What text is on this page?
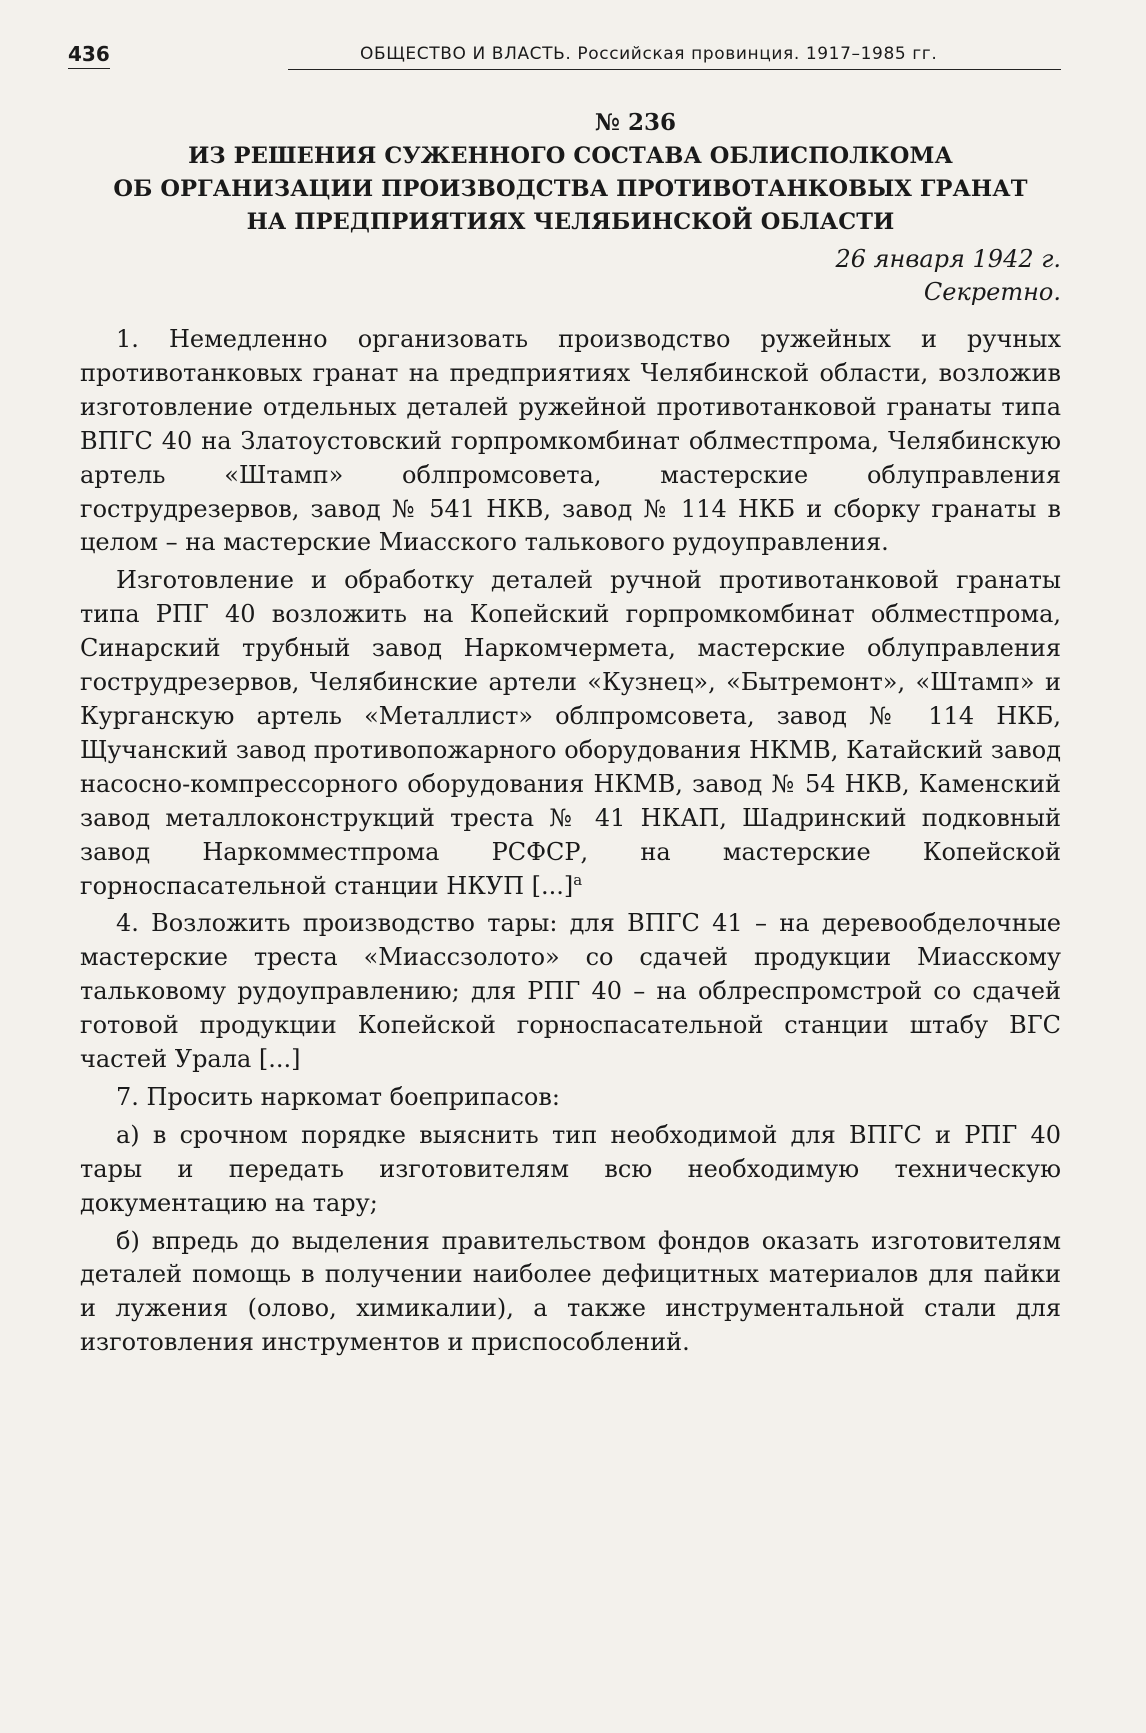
436	ОБЩЕСТВО И ВЛАСТЬ. Российская провинция. 1917–1985 гг.

№ 236

ИЗ РЕШЕНИЯ СУЖЕННОГО СОСТАВА ОБЛИСПОЛКОМА
ОБ ОРГАНИЗАЦИИ ПРОИЗВОДСТВА ПРОТИВОТАНКОВЫХ ГРАНАТ
НА ПРЕДПРИЯТИЯХ ЧЕЛЯБИНСКОЙ ОБЛАСТИ
26 января 1942 г.
Секретно.

1. Немедленно организовать производство ружейных и ручных противотанковых гранат на предприятиях Челябинской области, возложив изготовление отдельных деталей ружейной противотанковой гранаты типа ВПГС 40 на Златоустовский горпромкомбинат облместпрома, Челябинскую артель «Штамп» облпромсовета, мастерские облуправления гострудрезервов, завод № 541 НКВ, завод № 114 НКБ и сборку гранаты в целом – на мастерские Миасского талькового рудоуправления.

Изготовление и обработку деталей ручной противотанковой гранаты типа РПГ 40 возложить на Копейский горпромкомбинат облместпрома, Синарский трубный завод Наркомчермета, мастерские облуправления гострудрезервов, Челябинские артели «Кузнец», «Бытремонт», «Штамп» и Курганскую артель «Металлист» облпромсовета, завод № 114 НКБ, Щучанский завод противопожарного оборудования НКМВ, Катайский завод насосно-компрессорного оборудования НКМВ, завод № 54 НКВ, Каменский завод металлоконструкций треста № 41 НКАП, Шадринский подковный завод Наркомместпрома РСФСР, на мастерские Копейской горноспасательной станции НКУП [...]$^а$

4. Возложить производство тары: для ВПГС 41 – на деревообделочные мастерские треста «Миассзолото» со сдачей продукции Миасскому тальковому рудоуправлению; для РПГ 40 – на облреспромстрой со сдачей готовой продукции Копейской горноспасательной станции штабу ВГС частей Урала [...]

7. Просить наркомат боеприпасов:

а) в срочном порядке выяснить тип необходимой для ВПГС и РПГ 40 тары и передать изготовителям всю необходимую техническую документацию на тару;

б) впредь до выделения правительством фондов оказать изготовителям деталей помощь в получении наиболее дефицитных материалов для пайки и лужения (олово, химикалии), а также инструментальной стали для изготовления инструментов и приспособлений.
